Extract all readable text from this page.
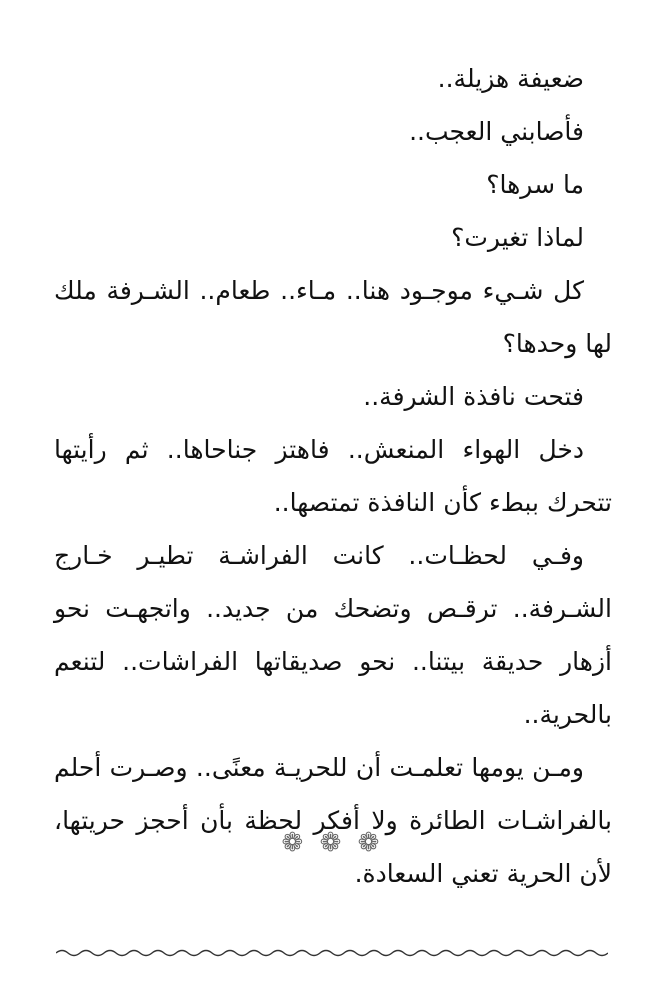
ضعيفة هزيلة..

فأصابني العجب..

ما سرها؟

لماذا تغيرت؟

كل شـيء موجـود هنا.. مـاء.. طعام.. الشـرفة ملك لها وحدها؟

فتحت نافذة الشرفة..

دخل الهواء المنعش.. فاهتز جناحاها.. ثم رأيتها تتحرك ببطء كأن النافذة تمتصها..

وفـي لحظـات.. كانت الفراشـة تطيـر خـارج الشـرفة.. ترقـص وتضحك من جديد.. واتجهـت نحو أزهار حديقة بيتنا.. نحو صديقاتها الفراشات.. لتنعم بالحرية..

ومـن يومها تعلمـت أن للحريـة معنًى.. وصـرت أحلم بالفراشـات الطائرة ولا أفكر لحظة بأن أحجز حريتها، لأن الحرية تعني السعادة.

❁ ❁ ❁
